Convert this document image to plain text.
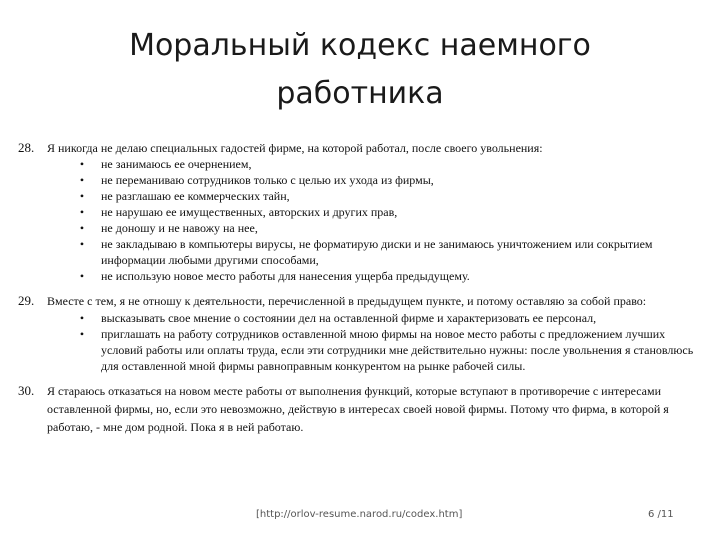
Моральный кодекс наемного
работника
28.	Я никогда не делаю специальных гадостей фирме, на которой работал, после своего увольнения:
• не занимаюсь ее очернением,
• не переманиваю сотрудников только с целью их ухода из фирмы,
• не разглашаю ее коммерческих тайн,
• не нарушаю ее имущественных, авторских и других прав,
• не доношу и не навожу на нее,
• не закладываю в компьютеры вирусы, не форматирую диски и не занимаюсь уничтожением или сокрытием информации любыми другими способами,
• не использую новое место работы для нанесения ущерба предыдущему.
29.	Вместе с тем, я не отношу к деятельности, перечисленной в предыдущем пункте, и потому оставляю за собой право:
• высказывать свое мнение о состоянии дел на оставленной фирме и характеризовать ее персонал,
• приглашать на работу сотрудников оставленной мною фирмы на новое место работы с предложением лучших условий работы или оплаты труда, если эти сотрудники мне действительно нужны: после увольнения я становлюсь для оставленной мной фирмы равноправным конкурентом на рынке рабочей силы.
30.	Я стараюсь отказаться на новом месте работы от выполнения функций, которые вступают в противоречие с интересами оставленной фирмы, но, если это невозможно, действую в интересах своей новой фирмы. Потому что фирма, в которой я работаю, - мне дом родной. Пока я в ней работаю.
[http://orlov-resume.narod.ru/codex.htm]	6 /11
